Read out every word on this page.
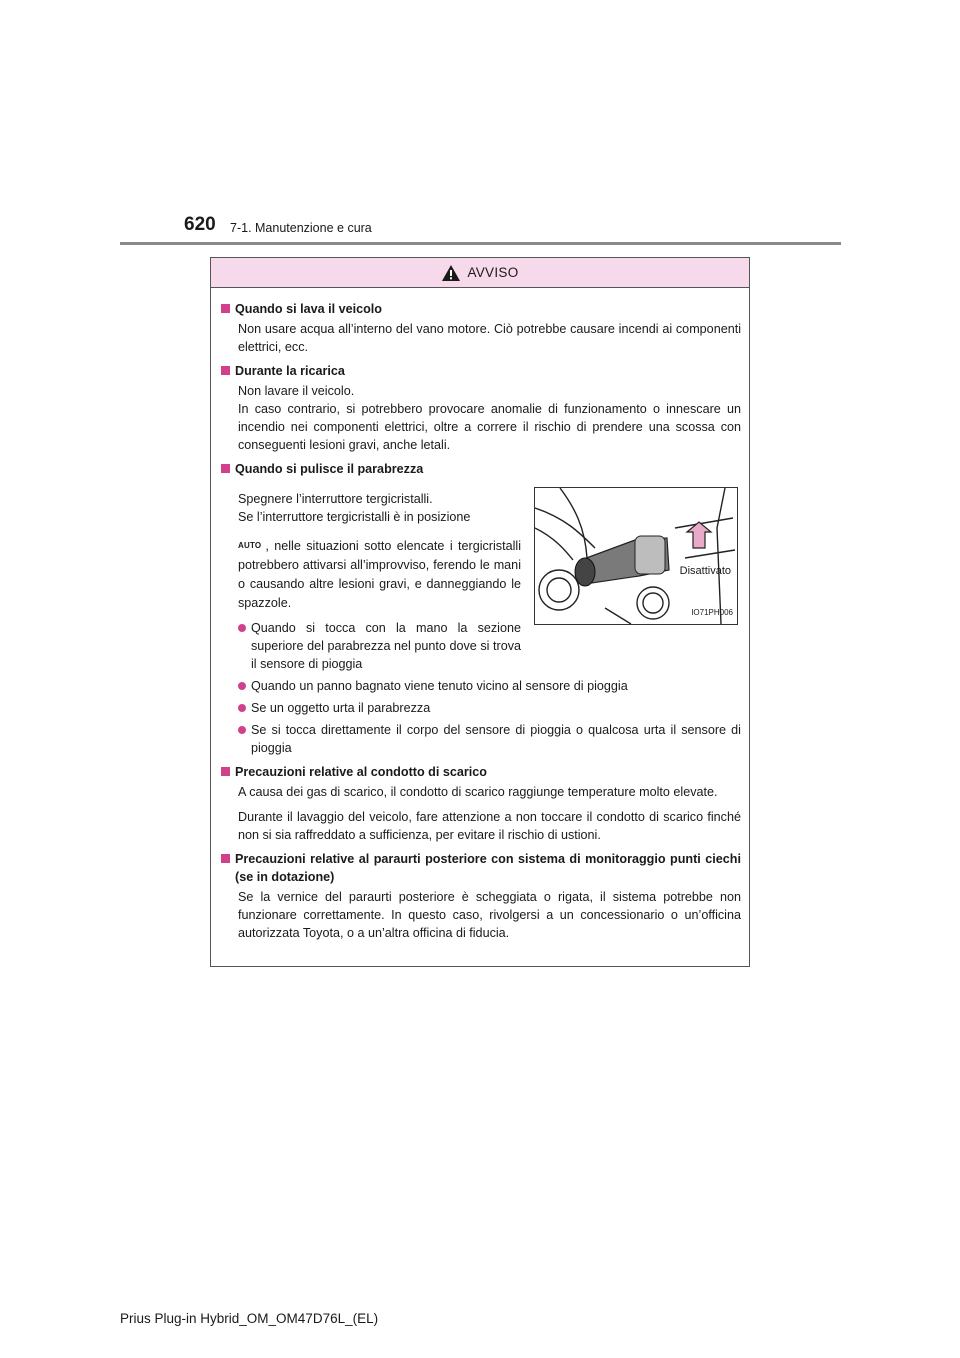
620 7-1. Manutenzione e cura
AVVISO
Quando si lava il veicolo
Non usare acqua all’interno del vano motore. Ciò potrebbe causare incendi ai componenti elettrici, ecc.
Durante la ricarica
Non lavare il veicolo.
In caso contrario, si potrebbero provocare anomalie di funzionamento o innescare un incendio nei componenti elettrici, oltre a correre il rischio di prendere una scossa con conseguenti lesioni gravi, anche letali.
Quando si pulisce il parabrezza
Spegnere l’interruttore tergicristalli.
Se l’interruttore tergicristalli è in posizione
AUTO , nelle situazioni sotto elencate i tergicristalli potrebbero attivarsi all’improvviso, ferendo le mani o causando altre lesioni gravi, e danneggiando le spazzole.
Quando si tocca con la mano la sezione superiore del parabrezza nel punto dove si trova il sensore di pioggia
Disattivato
IO71PH006
Quando un panno bagnato viene tenuto vicino al sensore di pioggia
Se un oggetto urta il parabrezza
Se si tocca direttamente il corpo del sensore di pioggia o qualcosa urta il sensore di pioggia
Precauzioni relative al condotto di scarico
A causa dei gas di scarico, il condotto di scarico raggiunge temperature molto elevate.
Durante il lavaggio del veicolo, fare attenzione a non toccare il condotto di scarico finché non si sia raffreddato a sufficienza, per evitare il rischio di ustioni.
Precauzioni relative al paraurti posteriore con sistema di monitoraggio punti ciechi (se in dotazione)
Se la vernice del paraurti posteriore è scheggiata o rigata, il sistema potrebbe non funzionare correttamente. In questo caso, rivolgersi a un concessionario o un’officina autorizzata Toyota, o a un’altra officina di fiducia.
Prius Plug-in Hybrid_OM_OM47D76L_(EL)
